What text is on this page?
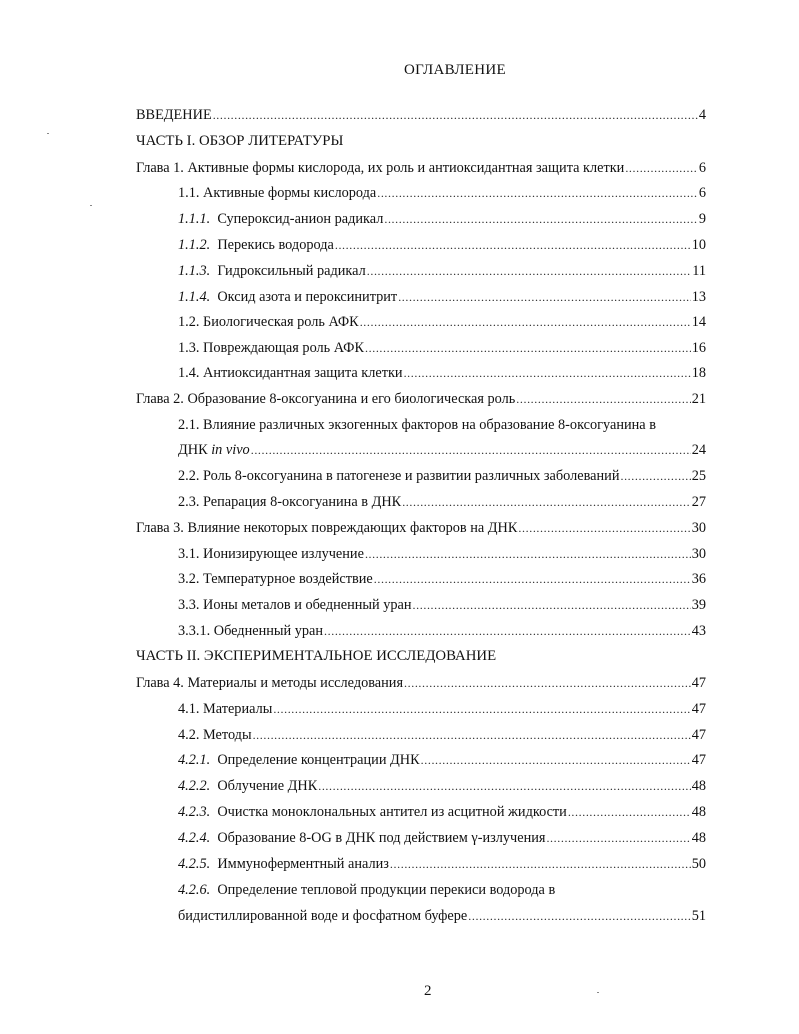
ОГЛАВЛЕНИЕ
ВВЕДЕНИЕ .....	4
ЧАСТЬ I. ОБЗОР ЛИТЕРАТУРЫ
Глава 1. Активные формы кислорода, их роль и антиоксидантная защита клетки .....	6
1.1. Активные формы кислорода .....	6
1.1.1. Супероксид-анион радикал .....	9
1.1.2. Перекись водорода .....	10
1.1.3. Гидроксильный радикал .....	11
1.1.4. Оксид азота и пероксинитрит .....	13
1.2. Биологическая роль АФК .....	14
1.3. Повреждающая роль АФК .....	16
1.4. Антиоксидантная защита клетки .....	18
Глава 2. Образование 8-оксогуанина и его биологическая роль .....	21
2.1. Влияние различных экзогенных факторов на образование 8-оксогуанина в
ДНК in vivo .....	24
2.2. Роль 8-оксогуанина в патогенезе и развитии различных заболеваний .....	25
2.3. Репарация 8-оксогуанина в ДНК .....	27
Глава 3. Влияние некоторых повреждающих факторов на ДНК .....	30
3.1. Ионизирующее излучение .....	30
3.2. Температурное воздействие .....	36
3.3. Ионы металов и обедненный уран .....	39
3.3.1. Обедненный уран .....	43
ЧАСТЬ II. ЭКСПЕРИМЕНТАЛЬНОЕ ИССЛЕДОВАНИЕ
Глава 4. Материалы и методы исследования .....	47
4.1. Материалы .....	47
4.2. Методы .....	47
4.2.1. Определение концентрации ДНК .....	47
4.2.2. Облучение ДНК .....	48
4.2.3. Очистка моноклональных антител из асцитной жидкости .....	48
4.2.4. Образование 8-OG в ДНК под действием γ-излучения .....	48
4.2.5. Иммуноферментный анализ .....	50
4.2.6. Определение тепловой продукции перекиси водорода в
бидистиллированной воде и фосфатном буфере .....	51
2
